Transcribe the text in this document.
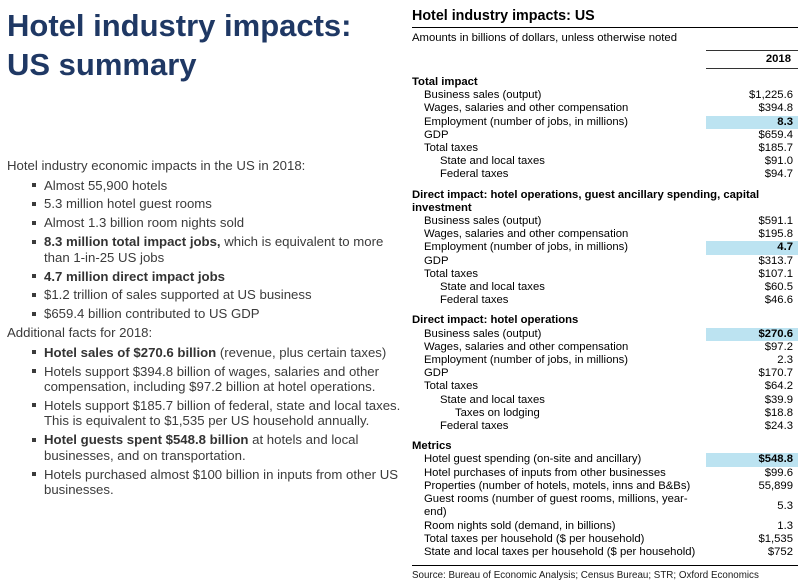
Hotel industry impacts:
US summary
Hotel industry economic impacts in the US in 2018:
Almost 55,900 hotels
5.3 million hotel guest rooms
Almost 1.3 billion room nights sold
8.3 million total impact jobs, which is equivalent to more than 1-in-25 US jobs
4.7 million direct impact jobs
$1.2 trillion of sales supported at US business
$659.4 billion contributed to US GDP
Additional facts for 2018:
Hotel sales of $270.6 billion (revenue, plus certain taxes)
Hotels support $394.8 billion of wages, salaries and other compensation, including $97.2 billion at hotel operations.
Hotels support $185.7 billion of federal, state and local taxes. This is equivalent to $1,535 per US household annually.
Hotel guests spent $548.8 billion at hotels and local businesses, and on transportation.
Hotels purchased almost $100 billion in inputs from other US businesses.
Hotel industry impacts: US
Amounts in billions of dollars, unless otherwise noted
2018
Total impact
Business sales (output)	$1,225.6
Wages, salaries and other compensation	$394.8
Employment (number of jobs, in millions)	8.3
GDP	$659.4
Total taxes	$185.7
State and local taxes	$91.0
Federal taxes	$94.7
Direct impact: hotel operations, guest ancillary spending, capital investment
Business sales (output)	$591.1
Wages, salaries and other compensation	$195.8
Employment (number of jobs, in millions)	4.7
GDP	$313.7
Total taxes	$107.1
State and local taxes	$60.5
Federal taxes	$46.6
Direct impact: hotel operations
Business sales (output)	$270.6
Wages, salaries and other compensation	$97.2
Employment (number of jobs, in millions)	2.3
GDP	$170.7
Total taxes	$64.2
State and local taxes	$39.9
Taxes on lodging	$18.8
Federal taxes	$24.3
Metrics
Hotel guest spending (on-site and ancillary)	$548.8
Hotel purchases of inputs from other businesses	$99.6
Properties (number of hotels, motels, inns and B&Bs)	55,899
Guest rooms (number of guest rooms, millions, year-end)
5.3
Room nights sold (demand, in billions)	1.3
Total taxes per household ($ per household)	$1,535
State and local taxes per household ($ per household)	$752
Source: Bureau of Economic Analysis; Census Bureau; STR; Oxford Economics
